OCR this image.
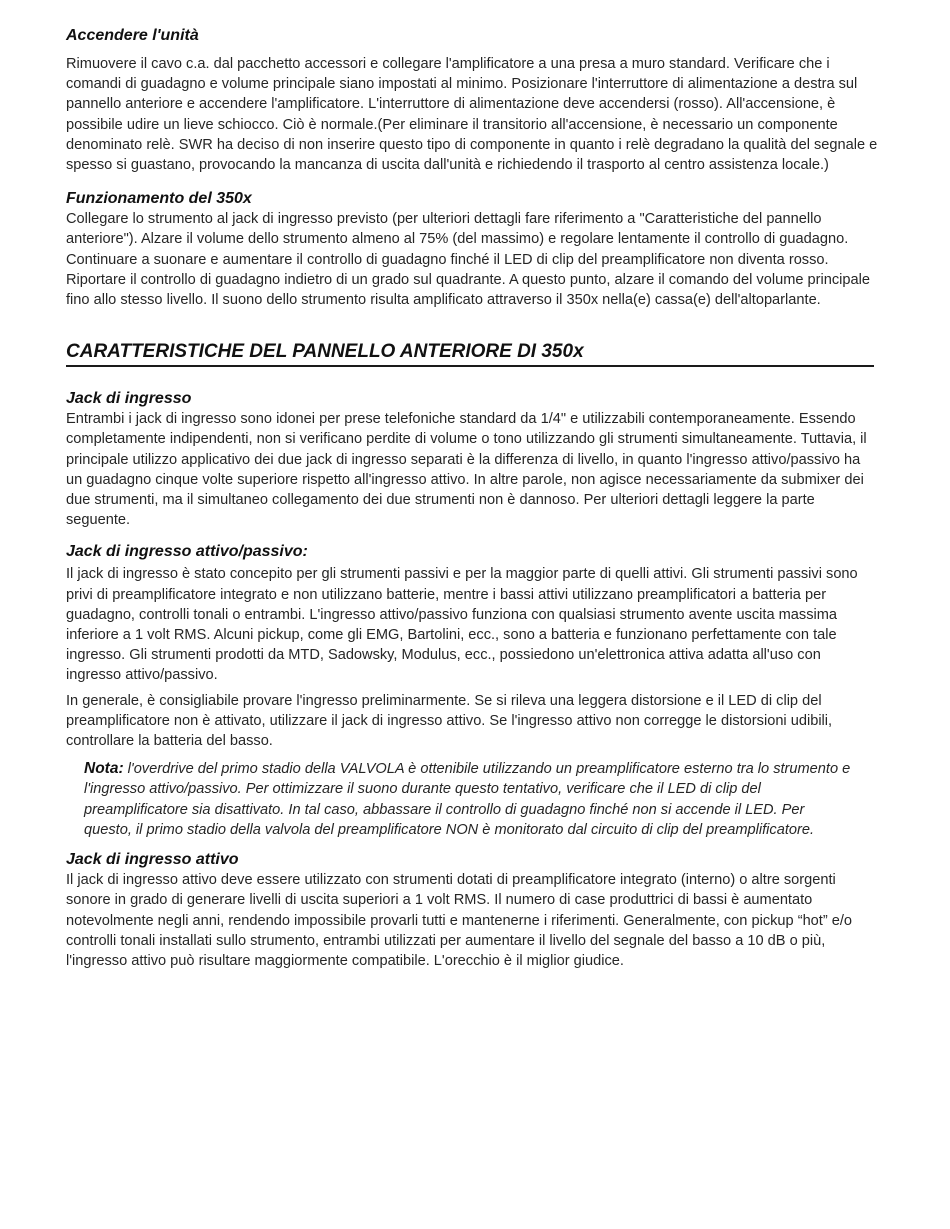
Accendere l'unità

Rimuovere il cavo c.a. dal pacchetto accessori e collegare l'amplificatore a una presa a muro standard. Verificare che i comandi di guadagno e volume principale siano impostati al minimo. Posizionare l'interruttore di alimentazione a destra sul pannello anteriore e accendere l'amplificatore. L'interruttore di alimentazione deve accendersi (rosso). All'accensione, è possibile udire un lieve schiocco. Ciò è normale.(Per eliminare il transitorio all'accensione, è necessario un componente denominato relè. SWR ha deciso di non inserire questo tipo di componente in quanto i relè degradano la qualità del segnale e spesso si guastano, provocando la mancanza di uscita dall'unità e richiedendo il trasporto al centro assistenza locale.)

Funzionamento del 350x

Collegare lo strumento al jack di ingresso previsto (per ulteriori dettagli fare riferimento a "Caratteristiche del pannello anteriore"). Alzare il volume dello strumento almeno al 75% (del massimo) e regolare lentamente il controllo di guadagno. Continuare a suonare e aumentare il controllo di guadagno finché il LED di clip del preamplificatore non diventa rosso. Riportare il controllo di guadagno indietro di un grado sul quadrante. A questo punto, alzare il comando del volume principale fino allo stesso livello. Il suono dello strumento risulta amplificato attraverso il 350x nella(e) cassa(e) dell'altoparlante.

CARATTERISTICHE DEL PANNELLO ANTERIORE DI 350x
Jack di ingresso

Entrambi i jack di ingresso sono idonei per prese telefoniche standard da 1/4" e utilizzabili contemporaneamente. Essendo completamente indipendenti, non si verificano perdite di volume o tono utilizzando gli strumenti simultaneamente. Tuttavia, il principale utilizzo applicativo dei due jack di ingresso separati è la differenza di livello, in quanto l'ingresso attivo/passivo ha un guadagno cinque volte superiore rispetto all'ingresso attivo. In altre parole, non agisce necessariamente da submixer dei due strumenti, ma il simultaneo collegamento dei due strumenti non è dannoso. Per ulteriori dettagli leggere la parte seguente.

Jack di ingresso attivo/passivo:

Il jack di ingresso è stato concepito per gli strumenti passivi e per la maggior parte di quelli attivi. Gli strumenti passivi sono privi di preamplificatore integrato e non utilizzano batterie, mentre i bassi attivi utilizzano preamplificatori a batteria per guadagno, controlli tonali o entrambi. L'ingresso attivo/passivo funziona con qualsiasi strumento avente uscita massima inferiore a 1 volt RMS. Alcuni pickup, come gli EMG, Bartolini, ecc., sono a batteria e funzionano perfettamente con tale ingresso. Gli strumenti prodotti da MTD, Sadowsky, Modulus, ecc., possiedono un'elettronica attiva adatta all'uso con ingresso attivo/passivo.

In generale, è consigliabile provare l'ingresso preliminarmente. Se si rileva una leggera distorsione e il LED di clip del preamplificatore non è attivato, utilizzare il jack di ingresso attivo. Se l'ingresso attivo non corregge le distorsioni udibili, controllare la batteria del basso.

Nota: l'overdrive del primo stadio della VALVOLA è ottenibile utilizzando un preamplificatore esterno tra lo strumento e l'ingresso attivo/passivo. Per ottimizzare il suono durante questo tentativo, verificare che il LED di clip del preamplificatore sia disattivato. In tal caso, abbassare il controllo di guadagno finché non si accende il LED. Per questo, il primo stadio della valvola del preamplificatore NON è monitorato dal circuito di clip del preamplificatore.

Jack di ingresso attivo

Il jack di ingresso attivo deve essere utilizzato con strumenti dotati di preamplificatore integrato (interno) o altre sorgenti sonore in grado di generare livelli di uscita superiori a 1 volt RMS. Il numero di case produttrici di bassi è aumentato notevolmente negli anni, rendendo impossibile provarli tutti e mantenerne i riferimenti. Generalmente, con pickup “hot” e/o controlli tonali installati sullo strumento, entrambi utilizzati per aumentare il livello del segnale del basso a 10 dB o più, l'ingresso attivo può risultare maggiormente compatibile. L'orecchio è il miglior giudice.
